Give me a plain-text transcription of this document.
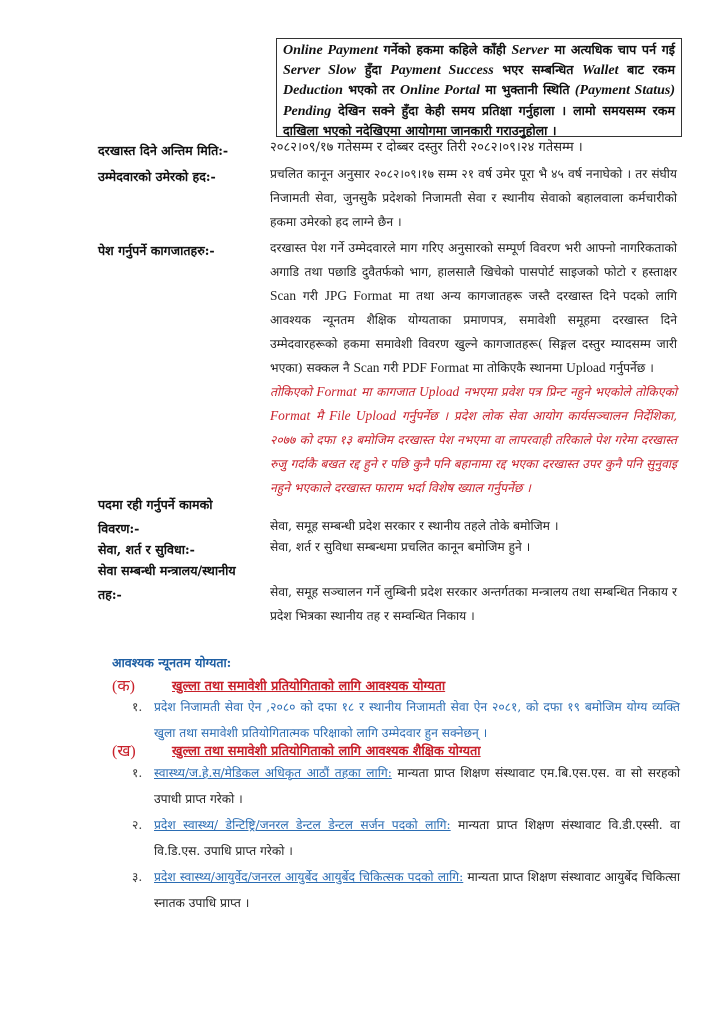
Online Payment गर्नेको हकमा कहिले काँही Server मा अत्यधिक चाप पर्न गई Server Slow हुँदा Payment Success भएर सम्बन्धित Wallet बाट रकम Deduction भएको तर Online Portal मा भुक्तानी स्थिति (Payment Status) Pending देखिन सक्ने हुँदा केही समय प्रतिक्षा गर्नुहाला । लामो समयसम्म रकम दाखिला भएको नदेखिएमा आयोगमा जानकारी गराउनुहोला ।
दरखास्त दिने अन्तिम मिति:-	२०८२।०९/१७ गतेसम्म र दोब्बर दस्तुर तिरी २०८२।०९।२४ गतेसम्म ।
उम्मेदवारको उमेरको हद:-	प्रचलित कानून अनुसार २०८२।०९।१७ सम्म २१ वर्ष उमेर पूरा भै ४५ वर्ष ननाघेको । तर संघीय निजामती सेवा, जुनसुकै प्रदेशको निजामती सेवा र स्थानीय सेवाको बहालवाला कर्मचारीको हकमा उमेरको हद लाग्ने छैन ।
पेश गर्नुपर्ने कागजातहरु:-	दरखास्त पेश गर्ने उम्मेदवारले माग गरिए अनुसारको सम्पूर्ण विवरण भरी आफ्नो नागरिकताको अगाडि तथा पछाडि दुवैतर्फको भाग, हालसालै खिचेको पासपोर्ट साइजको फोटो र हस्ताक्षर Scan गरी JPG Format मा तथा अन्य कागजातहरू जस्तै दरखास्त दिने पदको लागि आवश्यक न्यूनतम शैक्षिक योग्यताका प्रमाणपत्र, समावेशी समूहमा दरखास्त दिने उम्मेदवारहरूको हकमा समावेशी विवरण खुल्ने कागजातहरू( सिङ्गल दस्तुर म्यादसम्म जारी भएका) सक्कल नै Scan गरी PDF Format मा तोकिएकै स्थानमा Upload गर्नुपर्नेछ ।
तोकिएको Format मा कागजात Upload नभएमा प्रवेश पत्र प्रिन्ट नहुने भएकोले तोकिएको Format मै File Upload गर्नुपर्नेछ । प्रदेश लोक सेवा आयोग कार्यसञ्चालन निर्देशिका, २०७७ को दफा १३ बमोजिम दरखास्त पेश नभएमा वा लापरवाही तरिकाले पेश गरेमा दरखास्त रुजु गर्दाकै बखत रद्द हुने र पछि कुनै पनि बहानामा रद्द भएका दरखास्त उपर कुनै पनि सुनुवाइ नहुने भएकाले दरखास्त फाराम भर्दा विशेष ख्याल गर्नुपर्नेछ ।
पदमा रही गर्नुपर्ने कामको
विवरण:-	सेवा, समूह सम्बन्धी प्रदेश सरकार र स्थानीय तहले तोके बमोजिम ।
सेवा, शर्त र सुविधा:-	सेवा, शर्त र सुविधा सम्बन्धमा प्रचलित कानून बमोजिम हुने ।
सेवा सम्बन्धी मन्त्रालय/स्थानीय
तह:-	सेवा, समूह सञ्चालन गर्ने लुम्बिनी प्रदेश सरकार अन्तर्गतका मन्त्रालय तथा सम्बन्धित निकाय र प्रदेश भित्रका स्थानीय तह र सम्वन्धित निकाय ।
आवश्यक न्यूनतम योग्यता:
(क)	खुल्ला तथा समावेशी प्रतियोगिताको लागि आवश्यक योग्यता
१. प्रदेश निजामती सेवा ऐन ,२०८० को दफा १८ र स्थानीय निजामती सेवा ऐन २०८१, को दफा १९ बमोजिम योग्य व्यक्ति खुला तथा समावेशी प्रतियोगितात्मक परिक्षाको लागि उम्मेदवार हुन सक्नेछन् ।
(ख)	खुल्ला तथा समावेशी प्रतियोगिताको लागि आवश्यक शैक्षिक योग्यता
१. स्वास्थ्य/ज.हे.स/मेडिकल अधिकृत आठौं तहका लागि: मान्यता प्राप्त शिक्षण संस्थावाट एम.बि.एस.एस. वा सो सरहको उपाधी प्राप्त गरेको ।
२. प्रदेश स्वास्थ्य/ डेन्टिष्ट्रि/जनरल डेन्टल डेन्टल सर्जन पदको लागि: मान्यता प्राप्त शिक्षण संस्थावाट वि.डी.एस्सी. वा वि.डि.एस. उपाधि प्राप्त गरेको ।
३. प्रदेश स्वास्थ्य/आयुर्वेद/जनरल आयुर्बेद आयुर्बेद चिकित्सक पदको लागि: मान्यता प्राप्त शिक्षण संस्थावाट आयुर्बेद चिकित्सा स्नातक उपाधि प्राप्त ।
